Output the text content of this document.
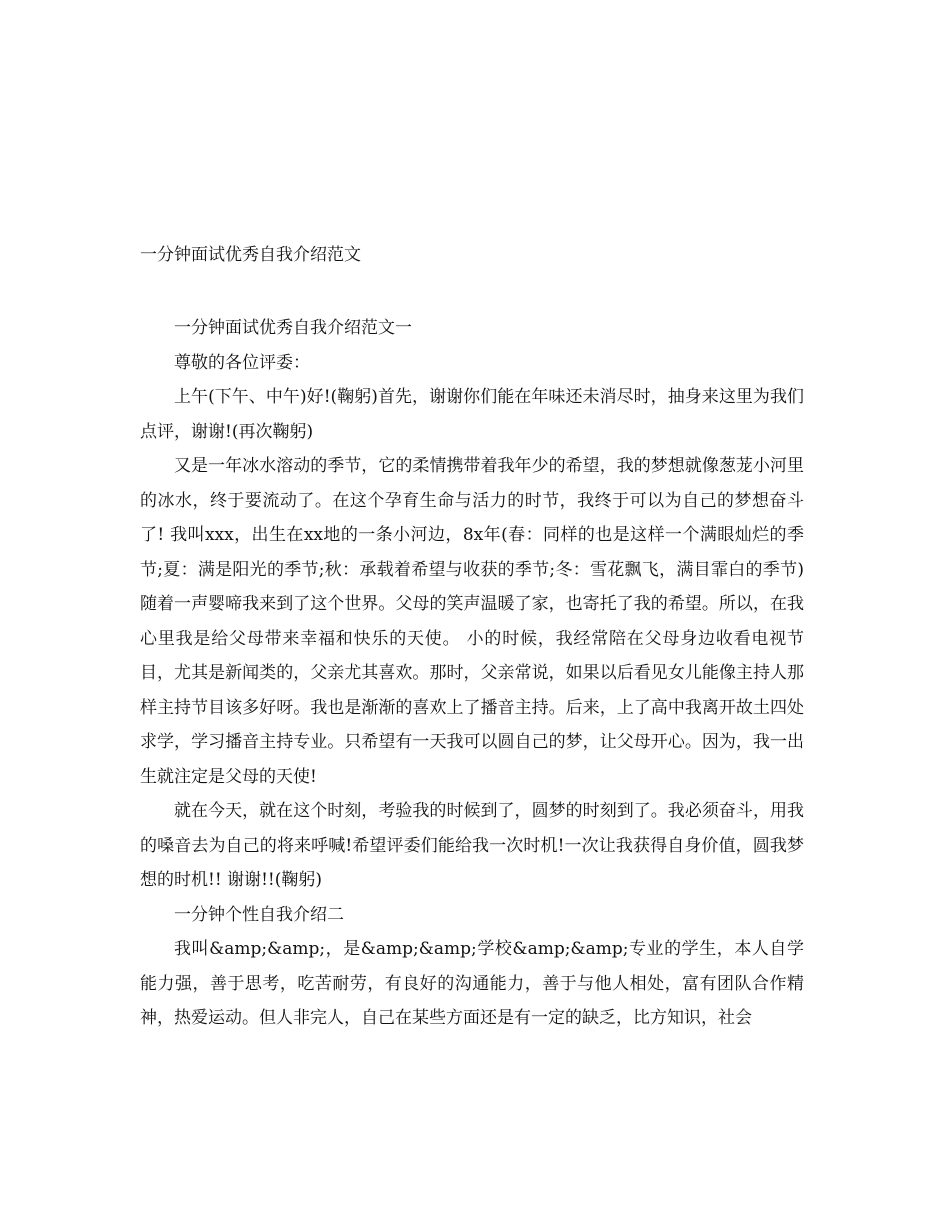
一分钟面试优秀自我介绍范文

一分钟面试优秀自我介绍范文一

尊敬的各位评委：

上午(下午、中午)好!(鞠躬)首先，谢谢你们能在年味还未消尽时，抽身来这里为我们点评，谢谢!(再次鞠躬)

又是一年冰水溶动的季节，它的柔情携带着我年少的希望，我的梦想就像葱茏小河里的冰水，终于要流动了。在这个孕育生命与活力的时节，我终于可以为自己的梦想奋斗了! 我叫xxx，出生在xx地的一条小河边，8x年(春：同样的也是这样一个满眼灿烂的季节;夏：满是阳光的季节;秋：承载着希望与收获的季节;冬：雪花飘飞，满目霏白的季节)随着一声婴啼我来到了这个世界。父母的笑声温暖了家，也寄托了我的希望。所以，在我心里我是给父母带来幸福和快乐的天使。 小的时候，我经常陪在父母身边收看电视节目，尤其是新闻类的，父亲尤其喜欢。那时，父亲常说，如果以后看见女儿能像主持人那样主持节目该多好呀。我也是渐渐的喜欢上了播音主持。后来，上了高中我离开故土四处求学，学习播音主持专业。只希望有一天我可以圆自己的梦，让父母开心。因为，我一出生就注定是父母的天使!

就在今天，就在这个时刻，考验我的时候到了，圆梦的时刻到了。我必须奋斗，用我的嗓音去为自己的将来呼喊!希望评委们能给我一次时机!一次让我获得自身价值，圆我梦想的时机!! 谢谢!!(鞠躬)

一分钟个性自我介绍二

我叫&amp;&amp;，是&amp;&amp;学校&amp;&amp;专业的学生，本人自学能力强，善于思考，吃苦耐劳，有良好的沟通能力，善于与他人相处，富有团队合作精神，热爱运动。但人非完人，自己在某些方面还是有一定的缺乏，比方知识，社会
